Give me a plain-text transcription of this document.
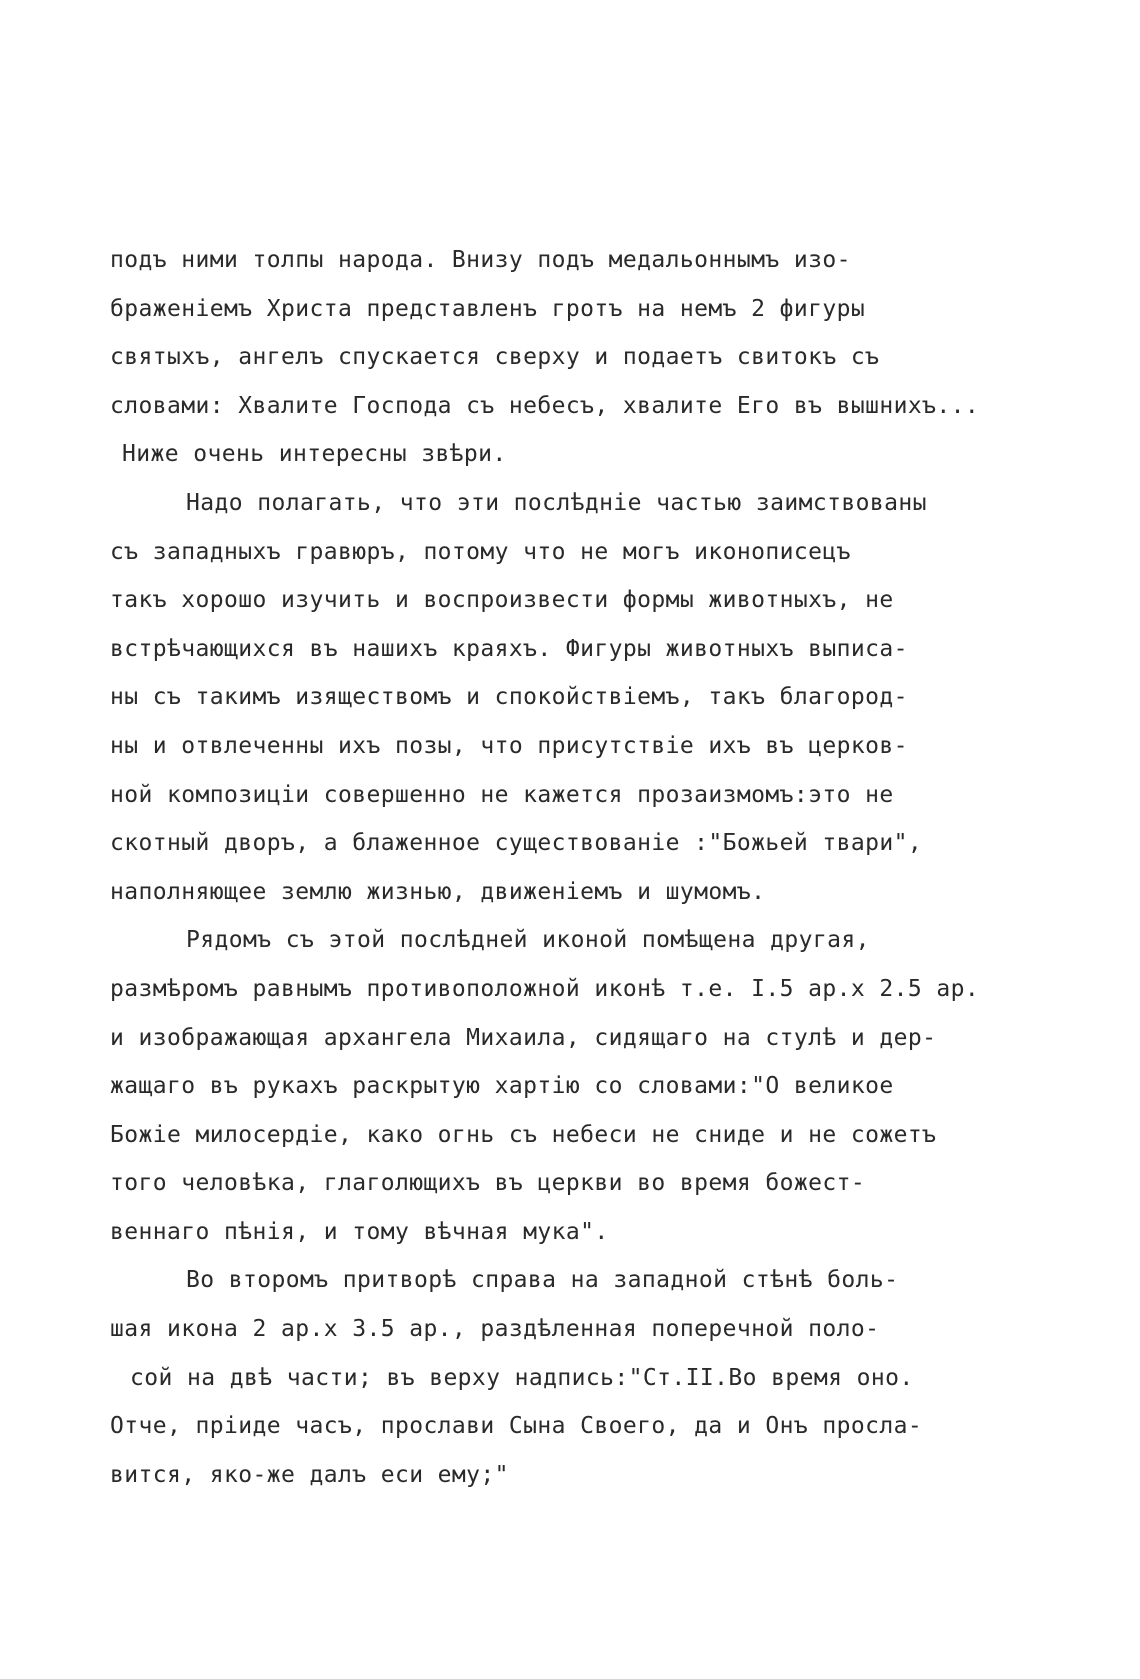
подъ ними толпы народа. Внизу подъ медальоннымъ изо-
браженіемъ Христа представленъ гротъ на немъ 2 фигуры
святыхъ, ангелъ спускается сверху и подаетъ свитокъ съ
словами: Хвалите Господа съ небесъ, хвалите Его въ вышнихъ...
Ниже очень интересны звѣри.
Надо полагать, что эти послѣдніе частью заимствованы
съ западныхъ гравюръ, потому что не могъ иконописецъ
такъ хорошо изучить и воспроизвести формы животныхъ, не
встрѣчающихся въ нашихъ краяхъ. Фигуры животныхъ выписа-
ны съ такимъ изяществомъ и спокойствіемъ, такъ благород-
ны и отвлеченны ихъ позы, что присутствіе ихъ въ церков-
ной композиціи совершенно не кажется прозаизмомъ:это не
скотный дворъ, а блаженное существованіе :"Божьей твари",
наполняющее землю жизнью, движеніемъ и шумомъ.
Рядомъ съ этой послѣдней иконой помѣщена другая,
размѣромъ равнымъ противоположной иконѣ т.е. I.5 ар.х 2.5 ар.
и изображающая архангела Михаила, сидящаго на стулѣ и дер-
жащаго въ рукахъ раскрытую хартію со словами:"О великое
Божіе милосердіе, како огнь съ небеси не сниде и не сожетъ
того человѣка, глаголющихъ въ церкви во время божест-
веннаго пѣнія, и тому вѣчная мука".
Во второмъ притворѣ справа на западной стѣнѣ боль-
шая икона 2 ар.х 3.5 ар., раздѣленная поперечной поло-
сой на двѣ части; въ верху надпись:"Ст.II.Во время оно.
Отче, пріиде часъ, прослави Сына Своего, да и Онъ просла-
вится, яко-же далъ еси ему;"
